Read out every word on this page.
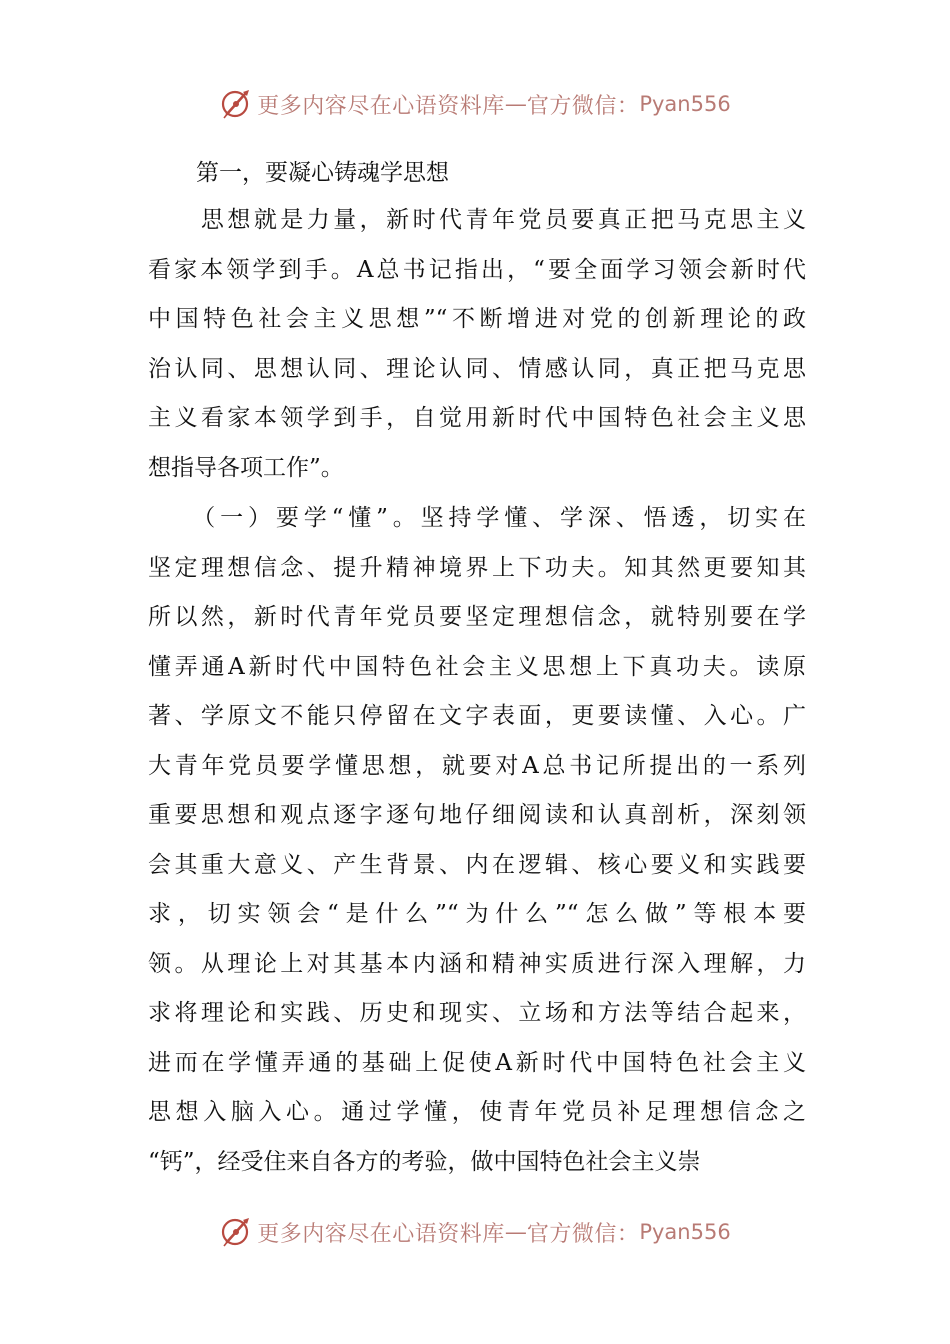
更多内容尽在心语资料库 — 官方微信： Pyan556
第一，要凝心铸魂学思想
　　思想就是力量，新时代青年党员要真正把马克思主义
看家本领学到手。A总书记指出，“要全面学习领会新时代
中国特色社会主义思想”“不断增进对党的创新理论的政
治认同、思想认同、理论认同、情感认同，真正把马克思
主义看家本领学到手，自觉用新时代中国特色社会主义思
想指导各项工作”。
　　（一）要学“懂”。坚持学懂、学深、悟透，切实在
坚定理想信念、提升精神境界上下功夫。知其然更要知其
所以然，新时代青年党员要坚定理想信念，就特别要在学
懂弄通A新时代中国特色社会主义思想上下真功夫。读原
著、学原文不能只停留在文字表面，更要读懂、入心。广
大青年党员要学懂思想，就要对A总书记所提出的一系列
重要思想和观点逐字逐句地仔细阅读和认真剖析，深刻领
会其重大意义、产生背景、内在逻辑、核心要义和实践要
求，切实领会“是什么”“为什么”“怎么做”等根本要
领。从理论上对其基本内涵和精神实质进行深入理解，力
求将理论和实践、历史和现实、立场和方法等结合起来，
进而在学懂弄通的基础上促使A新时代中国特色社会主义
思想入脑入心。通过学懂，使青年党员补足理想信念之
“钙”，经受住来自各方的考验，做中国特色社会主义崇
更多内容尽在心语资料库 — 官方微信： Pyan556
